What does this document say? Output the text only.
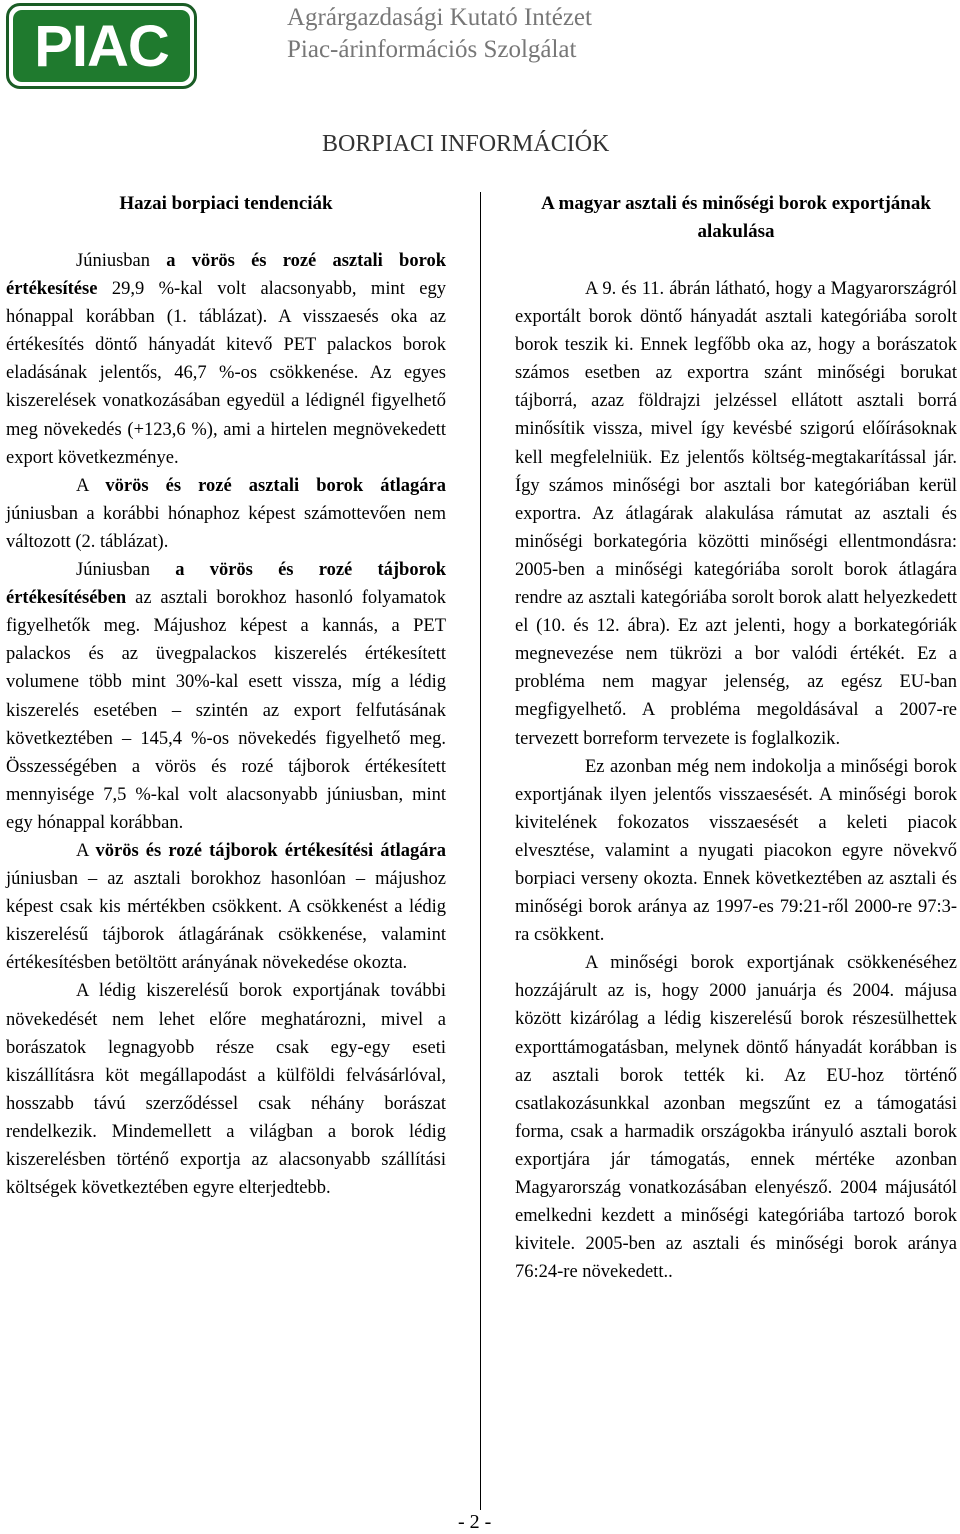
PIAC	Agrárgazdasági Kutató Intézet
Piac-árinformációs Szolgálat
BORPIACI INFORMÁCIÓK
Hazai borpiaci tendenciák

Júniusban a vörös és rozé asztali borok értékesítése 29,9 %-kal volt alacsonyabb, mint egy hónappal korábban (1. táblázat). A visszaesés oka az értékesítés döntő hányadát kitevő PET palackos borok eladásának jelentős, 46,7 %-os csökkenése. Az egyes kiszerelések vonatkozásában egyedül a lédignél figyelhető meg növekedés (+123,6 %), ami a hirtelen megnövekedett export következménye.

A vörös és rozé asztali borok átlagára júniusban a korábbi hónaphoz képest számottevően nem változott (2. táblázat).

Júniusban a vörös és rozé tájborok értékesítésében az asztali borokhoz hasonló folyamatok figyelhetők meg. Májushoz képest a kannás, a PET palackos és az üvegpalackos kiszerelés értékesített volumene több mint 30%-kal esett vissza, míg a lédig kiszerelés esetében – szintén az export felfutásának következtében – 145,4 %-os növekedés figyelhető meg. Összességében a vörös és rozé tájborok értékesített mennyisége 7,5 %-kal volt alacsonyabb júniusban, mint egy hónappal korábban.

A vörös és rozé tájborok értékesítési átlagára júniusban – az asztali borokhoz hasonlóan – májushoz képest csak kis mértékben csökkent. A csökkenést a lédig kiszerelésű tájborok átlagárának csökkenése, valamint értékesítésben betöltött arányának növekedése okozta.

A lédig kiszerelésű borok exportjának további növekedését nem lehet előre meghatározni, mivel a borászatok legnagyobb része csak egy-egy eseti kiszállításra köt megállapodást a külföldi felvásárlóval, hosszabb távú szerződéssel csak néhány borászat rendelkezik. Mindemellett a világban a borok lédig kiszerelésben történő exportja az alacsonyabb szállítási költségek következtében egyre elterjedtebb.

A magyar asztali és minőségi borok exportjának alakulása

A 9. és 11. ábrán látható, hogy a Magyarországról exportált borok döntő hányadát asztali kategóriába sorolt borok teszik ki. Ennek legfőbb oka az, hogy a borászatok számos esetben az exportra szánt minőségi borukat tájborrá, azaz földrajzi jelzéssel ellátott asztali borrá minősítik vissza, mivel így kevésbé szigorú előírásoknak kell megfelelniük. Ez jelentős költség-megtakarítással jár. Így számos minőségi bor asztali bor kategóriában kerül exportra. Az átlagárak alakulása rámutat az asztali és minőségi borkategória közötti minőségi ellentmondásra: 2005-ben a minőségi kategóriába sorolt borok átlagára rendre az asztali kategóriába sorolt borok alatt helyezkedett el (10. és 12. ábra). Ez azt jelenti, hogy a borkategóriák megnevezése nem tükrözi a bor valódi értékét. Ez a probléma nem magyar jelenség, az egész EU-ban megfigyelhető. A probléma megoldásával a 2007-re tervezett borreform tervezete is foglalkozik.

Ez azonban még nem indokolja a minőségi borok exportjának ilyen jelentős visszaesését. A minőségi borok kivitelének fokozatos visszaesését a keleti piacok elvesztése, valamint a nyugati piacokon egyre növekvő borpiaci verseny okozta. Ennek következtében az asztali és minőségi borok aránya az 1997-es 79:21-ről 2000-re 97:3-ra csökkent.

A minőségi borok exportjának csökkenéséhez hozzájárult az is, hogy 2000 januárja és 2004. májusa között kizárólag a lédig kiszerelésű borok részesülhettek exporttámogatásban, melynek döntő hányadát korábban is az asztali borok tették ki. Az EU-hoz történő csatlakozásunkkal azonban megszűnt ez a támogatási forma, csak a harmadik országokba irányuló asztali borok exportjára jár támogatás, ennek mértéke azonban Magyarország vonatkozásában elenyésző. 2004 májusától emelkedni kezdett a minőségi kategóriába tartozó borok kivitele. 2005-ben az asztali és minőségi borok aránya 76:24-re növekedett..

- 2 -
